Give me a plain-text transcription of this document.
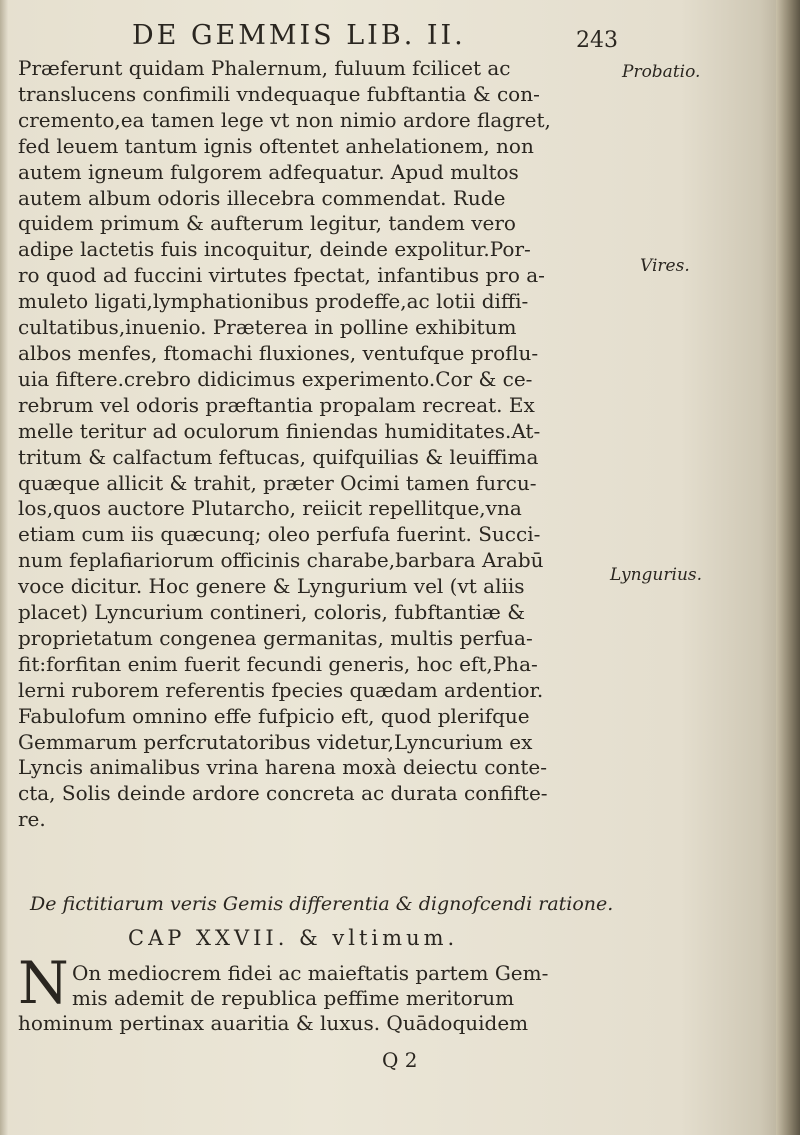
DE GEMMIS LIB. II.	243
Præferunt quidam Phalernum, fuluum fcilicet ac
translucens confimili vndequaque fubftantia & con-
cremento,ea tamen lege vt non nimio ardore flagret,
fed leuem tantum ignis oftentet anhelationem, non
autem igneum fulgorem adfequatur. Apud multos
autem album odoris illecebra commendat. Rude
quidem primum & aufterum legitur, tandem vero
adipe lactetis fuis incoquitur, deinde expolitur.Por-
ro quod ad fuccini virtutes fpectat, infantibus pro a-
muleto ligati,lymphationibus prodeffe,ac lotii diffi-
cultatibus,inuenio. Præterea in polline exhibitum
albos menfes, ftomachi fluxiones, ventufque proflu-
uia fiftere.crebro didicimus experimento.Cor & ce-
rebrum vel odoris præftantia propalam recreat. Ex
melle teritur ad oculorum finiendas humiditates.At-
tritum & calfactum feftucas, quifquilias & leuiffima
quæque allicit & trahit, præter Ocimi tamen furcu-
los,quos auctore Plutarcho, reiicit repellitque,vna
etiam cum iis quæcunq; oleo perfufa fuerint. Succi-
num feplafiariorum officinis charabe,barbara Arabū
voce dicitur. Hoc genere & Lyngurium vel (vt aliis
placet) Lyncurium contineri, coloris, fubftantiæ &
proprietatum congenea germanitas, multis perfua-
fit:forfitan enim fuerit fecundi generis, hoc eft,Pha-
lerni ruborem referentis fpecies quædam ardentior.
Fabulofum omnino effe fufpicio eft, quod plerifque
Gemmarum perfcrutatoribus videtur,Lyncurium ex
Lyncis animalibus vrina harena moxà deiectu conte-
cta, Solis deinde ardore concreta ac durata confifte-
re.
Probatio.
Vires.
Lyngurius.
De fictitiarum veris Gemis differentia & dignofcendi ratione.
CAP XXVII. & vltimum.
N On mediocrem fidei ac maieftatis partem Gem-
mis ademit de republica peffime meritorum
hominum pertinax auaritia & luxus. Quādoquidem
Q 2
